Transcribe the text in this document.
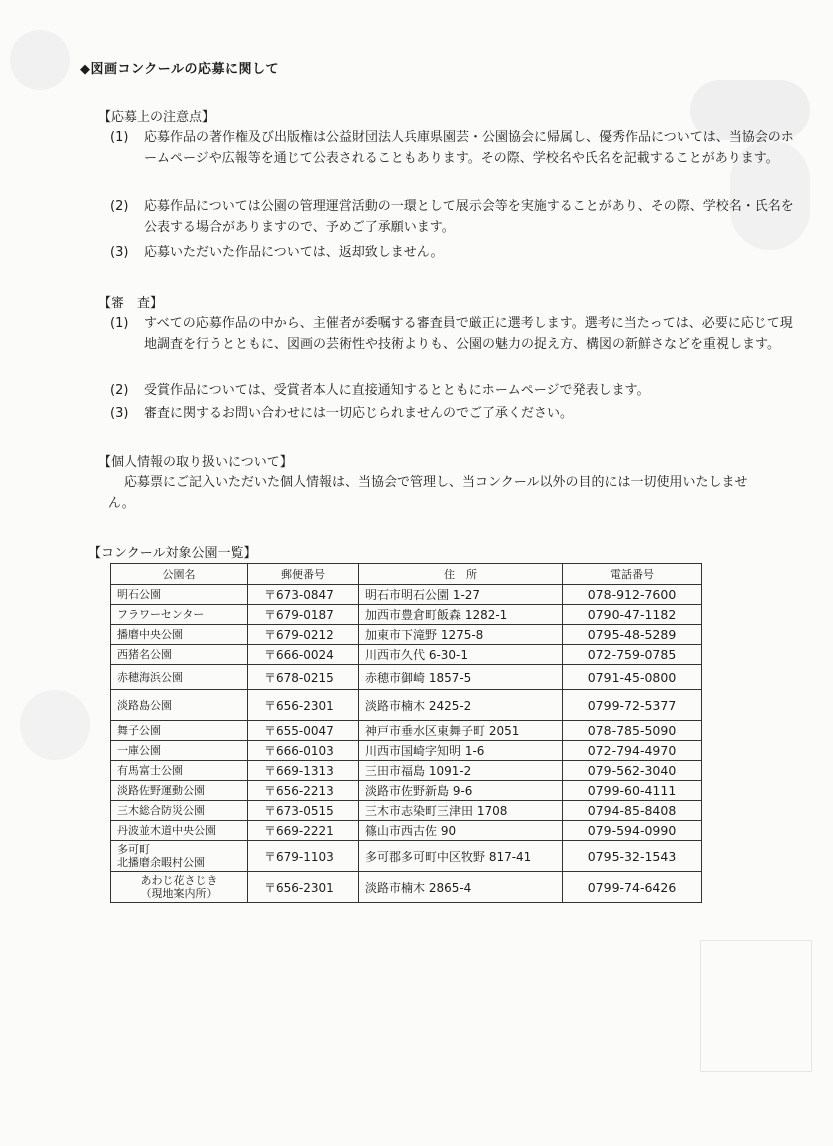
◆図画コンクールの応募に関して
【応募上の注意点】
(1) 応募作品の著作権及び出版権は公益財団法人兵庫県園芸・公園協会に帰属し、優秀作品については、当協会のホームページや広報等を通じて公表されることもあります。その際、学校名や氏名を記載することがあります。
(2) 応募作品については公園の管理運営活動の一環として展示会等を実施することがあり、その際、学校名・氏名を公表する場合がありますので、予めご了承願います。
(3) 応募いただいた作品については、返却致しません。
【審　査】
(1) すべての応募作品の中から、主催者が委嘱する審査員で厳正に選考します。選考に当たっては、必要に応じて現地調査を行うとともに、図画の芸術性や技術よりも、公園の魅力の捉え方、構図の新鮮さなどを重視します。
(2) 受賞作品については、受賞者本人に直接通知するとともにホームページで発表します。
(3) 審査に関するお問い合わせには一切応じられませんのでご了承ください。
【個人情報の取り扱いについて】
応募票にご記入いただいた個人情報は、当協会で管理し、当コンクール以外の目的には一切使用いたしません。
【コンクール対象公園一覧】
公園名	郵便番号	住　所	電話番号
明石公園	〒673-0847	明石市明石公園 1-27	078-912-7600
フラワーセンター	〒679-0187	加西市豊倉町飯森 1282-1	0790-47-1182
播磨中央公園	〒679-0212	加東市下滝野 1275-8	0795-48-5289
西猪名公園	〒666-0024	川西市久代 6-30-1	072-759-0785
赤穂海浜公園	〒678-0215	赤穂市御崎 1857-5	0791-45-0800
淡路島公園	〒656-2301	淡路市楠木 2425-2	0799-72-5377
舞子公園	〒655-0047	神戸市垂水区東舞子町 2051	078-785-5090
一庫公園	〒666-0103	川西市国崎字知明 1-6	072-794-4970
有馬富士公園	〒669-1313	三田市福島 1091-2	079-562-3040
淡路佐野運動公園	〒656-2213	淡路市佐野新島 9-6	0799-60-4111
三木総合防災公園	〒673-0515	三木市志染町三津田 1708	0794-85-8408
丹波並木道中央公園	〒669-2221	篠山市西古佐 90	079-594-0990

多可町
北播磨余暇村公園	〒679-1103	多可郡多可町中区牧野 817-41	0795-32-1543

あわじ花さじき
（現地案内所）	〒656-2301	淡路市楠木 2865-4	0799-74-6426
